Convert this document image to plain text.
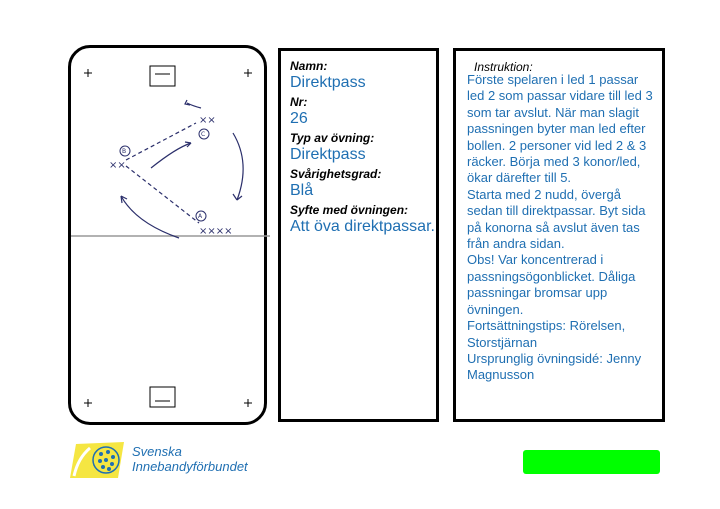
××
××
××××
B
C
A
Namn:
Direktpass
Nr:
26
Typ av övning:
Direktpass
Svårighetsgrad:
Blå
Syfte med övningen:
Att öva direktpassar.
Instruktion:

Förste spelaren i led 1 passar led 2 som passar vidare till led 3 som tar avslut. När man slagit passningen byter man led efter bollen. 2 personer vid led 2 & 3 räcker. Börja med 3 konor/led, ökar därefter till 5.

Starta med 2 nudd, övergå sedan till direktpassar. Byt sida på konorna så avslut även tas från andra sidan.

Obs! Var koncentrerad i passningsögonblicket. Dåliga passningar bromsar upp övningen.

Fortsättningstips: Rörelsen, Storstjärnan

Ursprunglig övningsidé: Jenny Magnusson

Svenska
Innebandyförbundet
